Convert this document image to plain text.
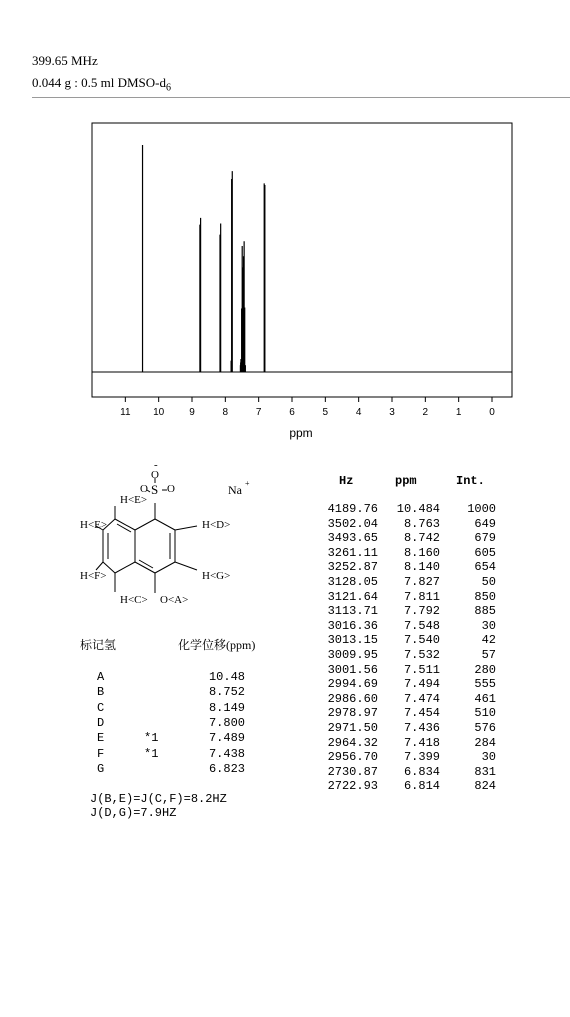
399.65 MHz
0.044 g : 0.5 ml DMSO-$d_6$
11 10 9	8	7	6	5	4	3	2	1	0
ppm
-
O
O S O	Na +
H<E>
H<E>	H<D>
H<F>	H<G>
H<C> O<A>
标记氢	化学位移(ppm)
A	10.48
B	8.752
C	8.149
D	7.800
E	*1	7.489
F	*1	7.438
G	6.823
J(B,E)=J(C,F)=8.2HZ
J(D,G)=7.9HZ
Hz	ppm	Int.
4189.76	10.484	1000
3502.04	8.763	649
3493.65	8.742	679
3261.11	8.160	605
3252.87	8.140	654
3128.05	7.827	50
3121.64	7.811	850
3113.71	7.792	885
3016.36	7.548	30
3013.15	7.540	42
3009.95	7.532	57
3001.56	7.511	280
2994.69	7.494	555
2986.60	7.474	461
2978.97	7.454	510
2971.50	7.436	576
2964.32	7.418	284
2956.70	7.399	30
2730.87	6.834	831
2722.93	6.814	824
